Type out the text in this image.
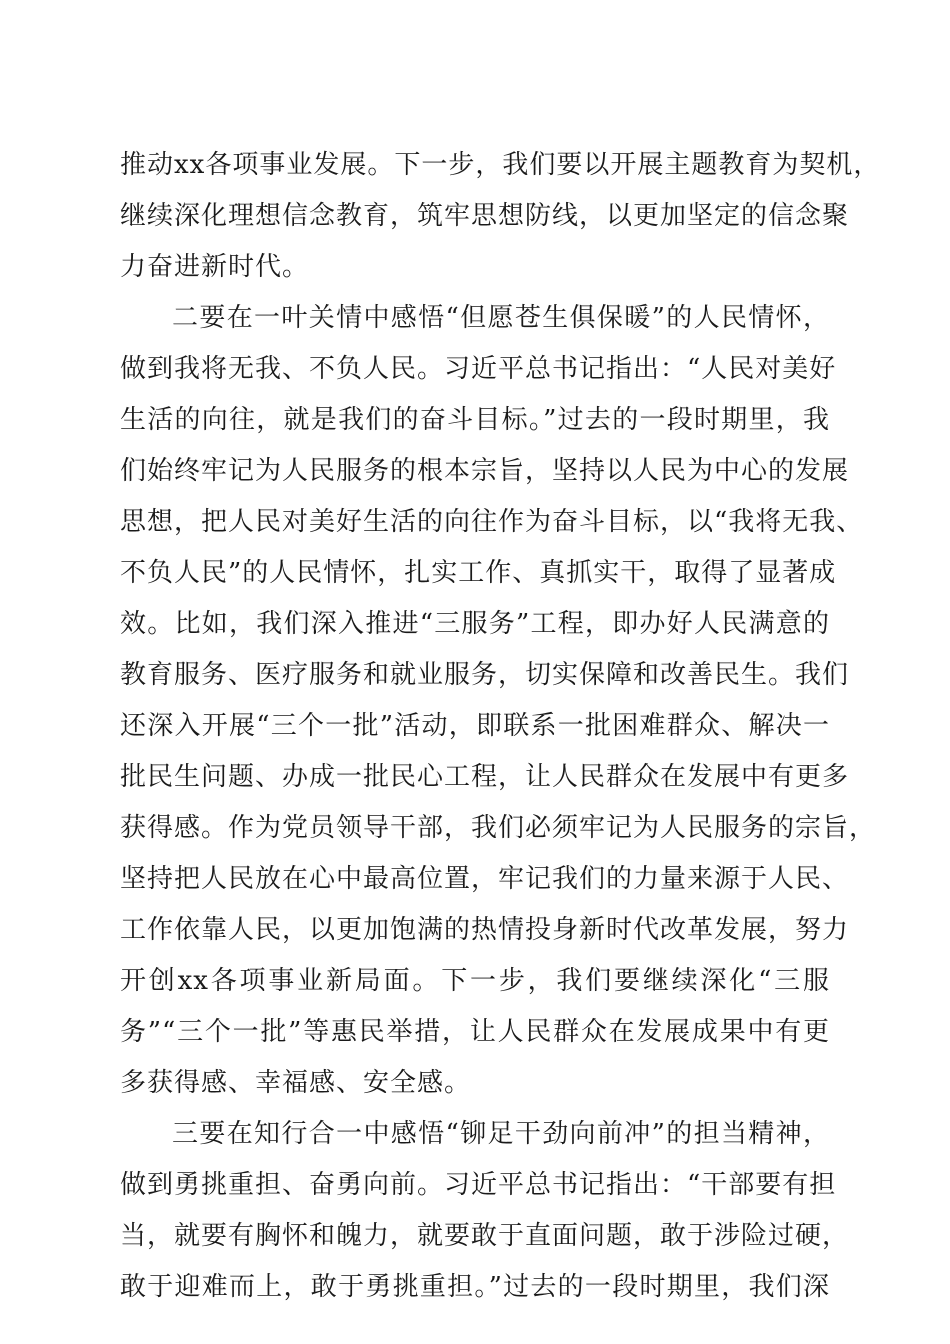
推动xx各项事业发展。下一步，我们要以开展主题教育为契机，
继续深化理想信念教育，筑牢思想防线，以更加坚定的信念聚
力奋进新时代。
二要在一叶关情中感悟“但愿苍生俱保暖”的人民情怀，
做到我将无我、不负人民。习近平总书记指出：“人民对美好
生活的向往，就是我们的奋斗目标。”过去的一段时期里，我
们始终牢记为人民服务的根本宗旨，坚持以人民为中心的发展
思想，把人民对美好生活的向往作为奋斗目标，以“我将无我、
不负人民”的人民情怀，扎实工作、真抓实干，取得了显著成
效。比如，我们深入推进“三服务”工程，即办好人民满意的
教育服务、医疗服务和就业服务，切实保障和改善民生。我们
还深入开展“三个一批”活动，即联系一批困难群众、解决一
批民生问题、办成一批民心工程，让人民群众在发展中有更多
获得感。作为党员领导干部，我们必须牢记为人民服务的宗旨，
坚持把人民放在心中最高位置，牢记我们的力量来源于人民、
工作依靠人民，以更加饱满的热情投身新时代改革发展，努力
开创xx各项事业新局面。下一步，我们要继续深化“三服
务”“三个一批”等惠民举措，让人民群众在发展成果中有更
多获得感、幸福感、安全感。
三要在知行合一中感悟“铆足干劲向前冲”的担当精神，
做到勇挑重担、奋勇向前。习近平总书记指出：“干部要有担
当，就要有胸怀和魄力，就要敢于直面问题，敢于涉险过硬，
敢于迎难而上，敢于勇挑重担。”过去的一段时期里，我们深
